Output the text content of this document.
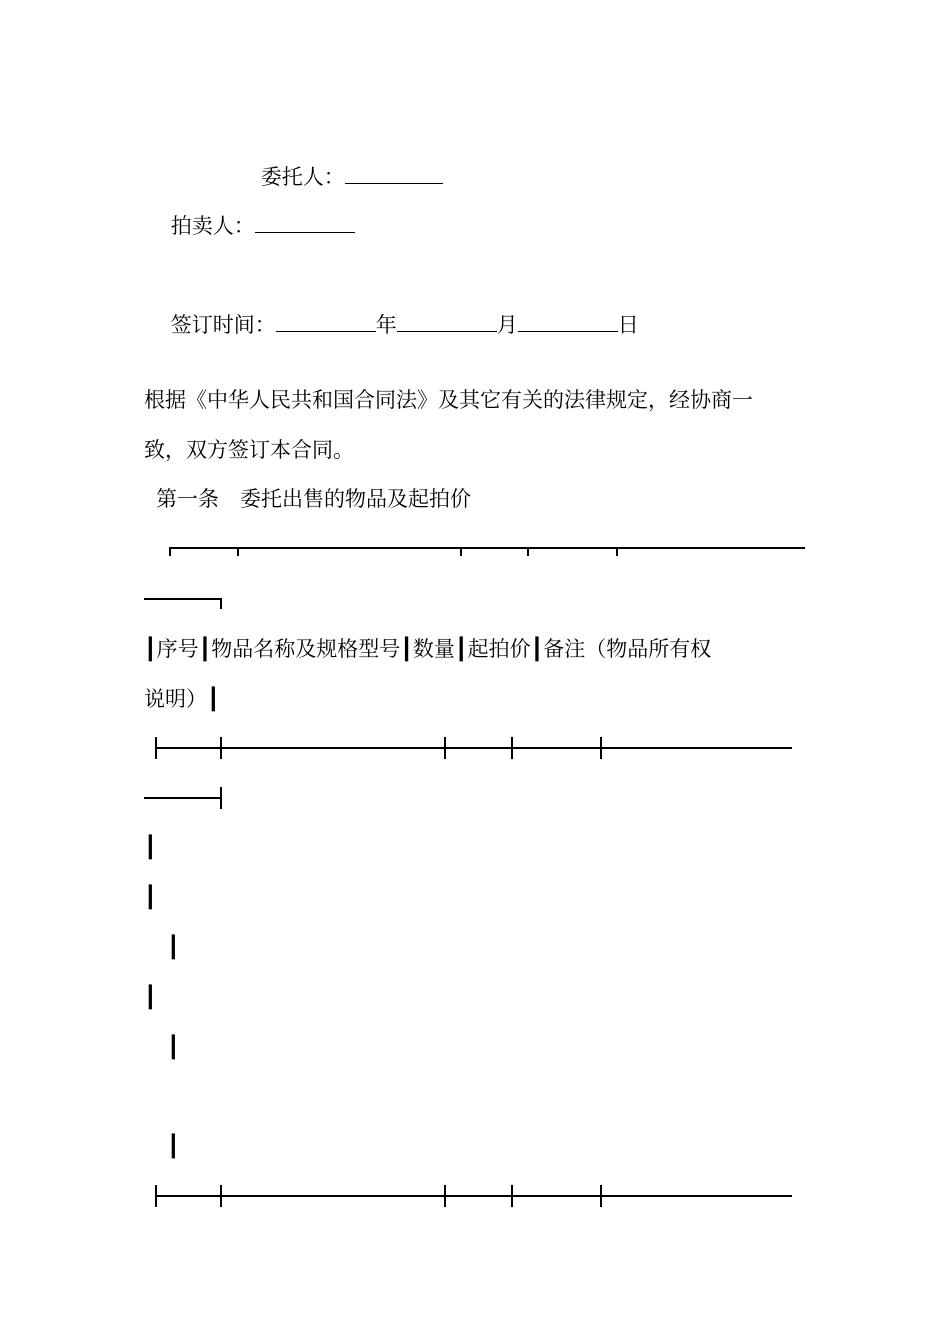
委托人：

拍卖人：

签订时间：	年	月	日

根据《中华人民共和国合同法》及其它有关的法律规定，经协商一
致，双方签订本合同。
第一条　委托出售的物品及起拍价
┃序号┃物品名称及规格型号┃数量┃起拍价┃备注（物品所有权
说明）┃
┃
┃
┃
┃
┃
┃
